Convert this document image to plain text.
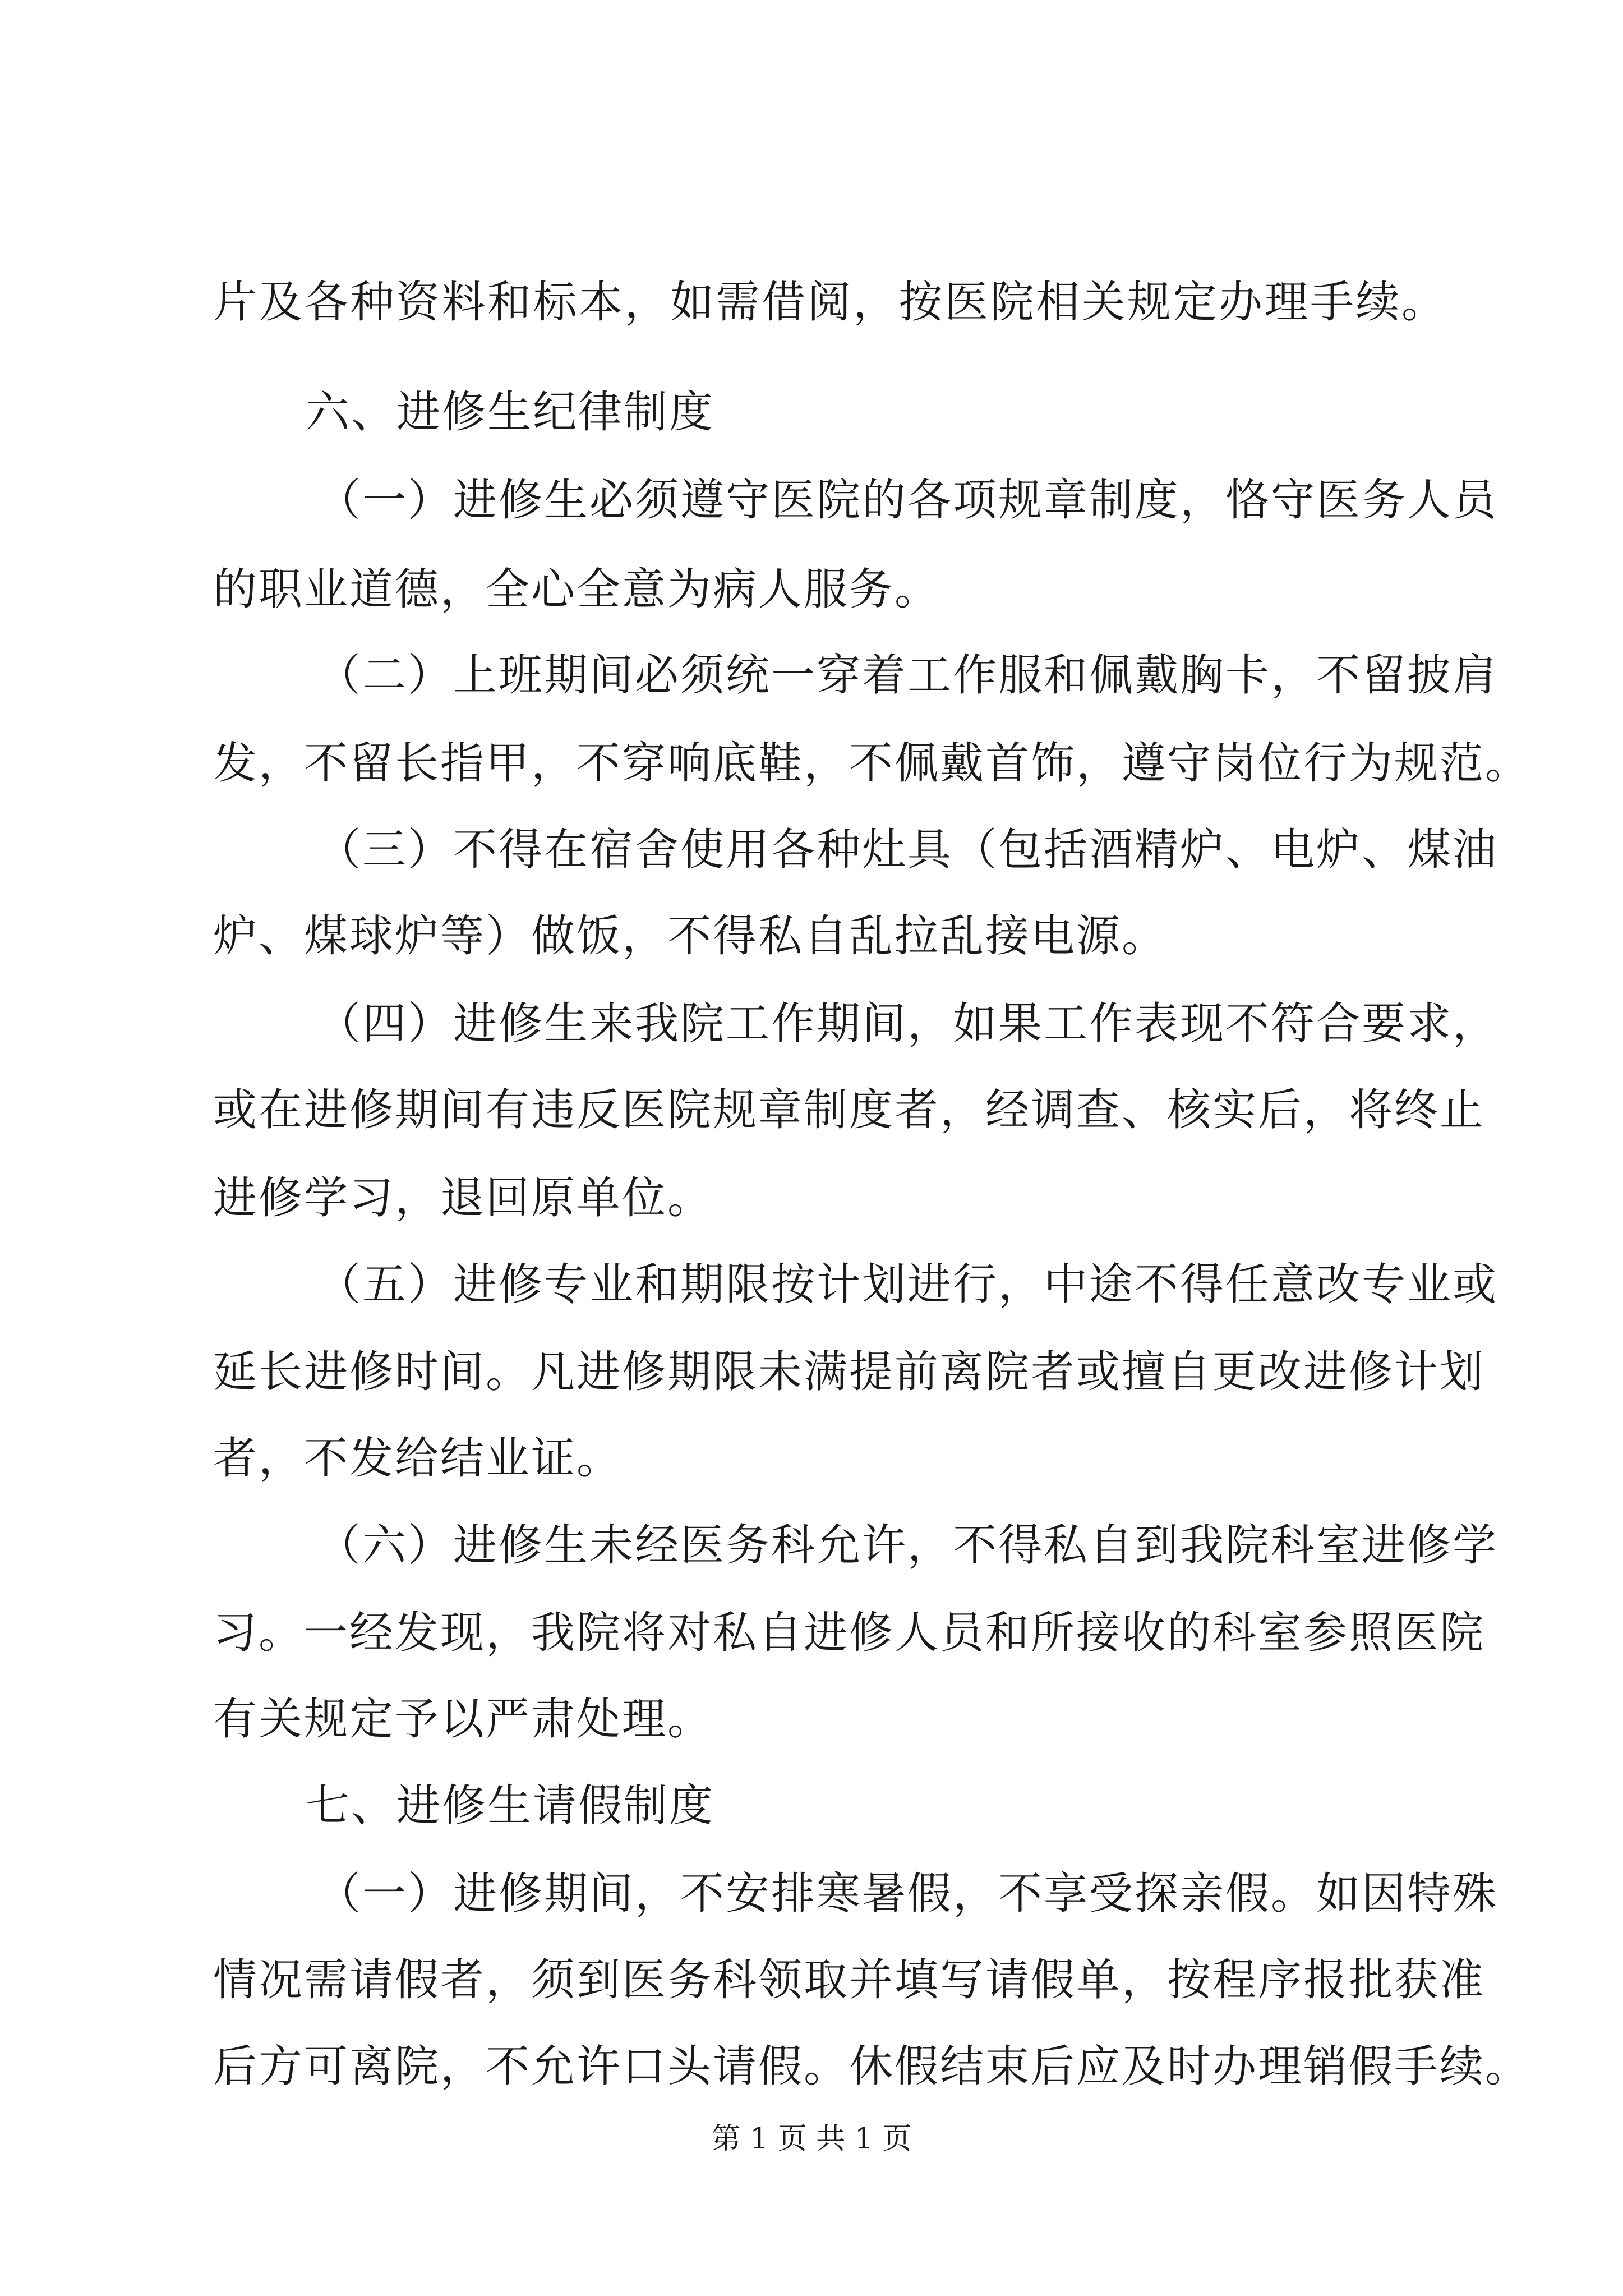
片及各种资料和标本，如需借阅，按医院相关规定办理手续。
六、进修生纪律制度
（一）进修生必须遵守医院的各项规章制度，恪守医务人员
的职业道德，全心全意为病人服务。
（二）上班期间必须统一穿着工作服和佩戴胸卡，不留披肩
发，不留长指甲，不穿响底鞋，不佩戴首饰，遵守岗位行为规范。
（三）不得在宿舍使用各种灶具（包括酒精炉、电炉、煤油
炉、煤球炉等）做饭，不得私自乱拉乱接电源。
（四）进修生来我院工作期间，如果工作表现不符合要求，
或在进修期间有违反医院规章制度者，经调查、核实后，将终止
进修学习，退回原单位。
（五）进修专业和期限按计划进行，中途不得任意改专业或
延长进修时间。凡进修期限未满提前离院者或擅自更改进修计划
者，不发给结业证。
（六）进修生未经医务科允许，不得私自到我院科室进修学
习。一经发现，我院将对私自进修人员和所接收的科室参照医院
有关规定予以严肃处理。
七、进修生请假制度
（一）进修期间，不安排寒暑假，不享受探亲假。如因特殊
情况需请假者，须到医务科领取并填写请假单，按程序报批获准
后方可离院，不允许口头请假。休假结束后应及时办理销假手续。
第 1 页 共 1 页
